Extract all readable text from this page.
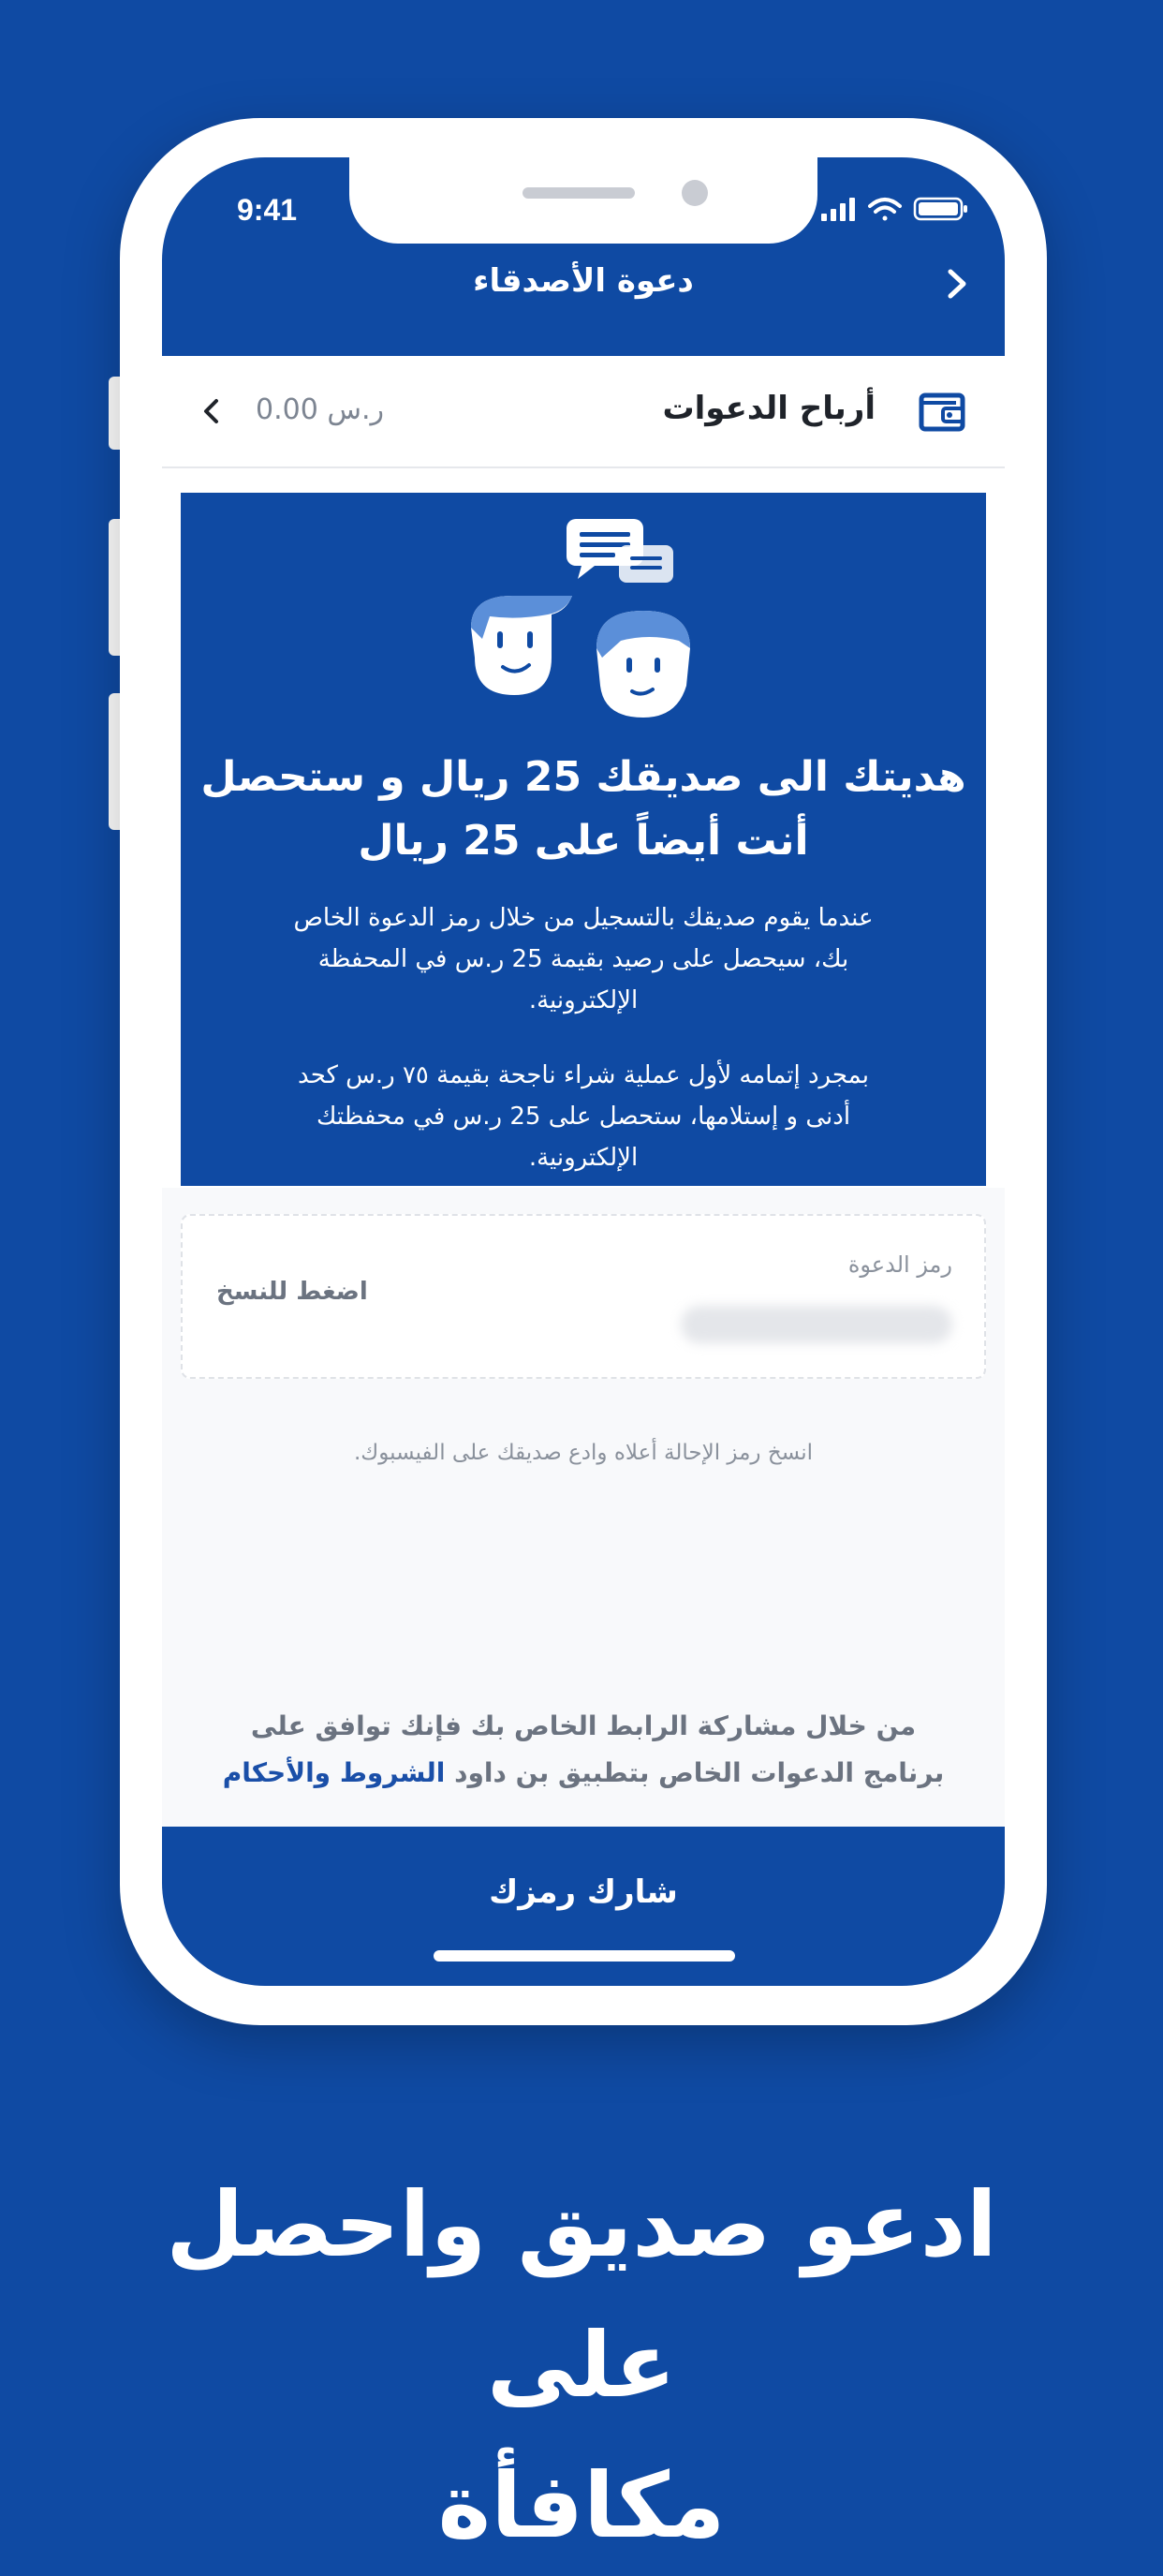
9:41
دعوة الأصدقاء
أرباح الدعوات
ر.س 0.00
هديتك الى صديقك 25 ريال و ستحصل أنت أيضاً على 25 ريال
عندما يقوم صديقك بالتسجيل من خلال رمز الدعوة الخاص بك، سيحصل على رصيد بقيمة 25 ر.س في المحفظة الإلكترونية.
بمجرد إتمامه لأول عملية شراء ناجحة بقيمة ٧٥ ر.س كحد أدنى و إستلامها، ستحصل على 25 ر.س في محفظتك الإلكترونية.
رمز الدعوة
اضغط للنسخ
انسخ رمز الإحالة أعلاه وادع صديقك على الفيسبوك.
من خلال مشاركة الرابط الخاص بك فإنك توافق على برنامج الدعوات الخاص بتطبيق بن داود الشروط والأحكام
شارك رمزك
ادعو صديق واحصل على
مكافأة
